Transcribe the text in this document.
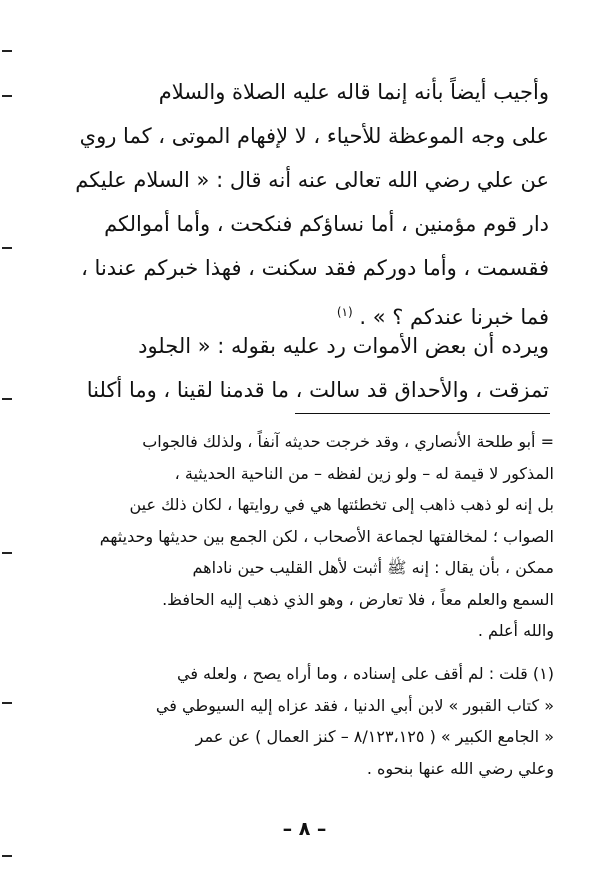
وأجيب أيضاً بأنه إنما قاله عليه الصلاة والسلام
على وجه الموعظة للأحياء ، لا لإفهام الموتى ، كما روي
عن علي رضي الله تعالى عنه أنه قال : « السلام عليكم
دار قوم مؤمنين ، أما نساؤكم فنكحت ، وأما أموالكم
فقسمت ، وأما دوركم فقد سكنت ، فهذا خبركم عندنا ،
فما خبرنا عندكم ؟ » . $^{(١)}$
ويرده أن بعض الأموات رد عليه بقوله : « الجلود
تمزقت ، والأحداق قد سالت ، ما قدمنا لقينا ، وما أكلنا
= أبو طلحة الأنصاري ، وقد خرجت حديثه آنفاً ، ولذلك فالجواب
المذكور لا قيمة له – ولو زين لفظه – من الناحية الحديثية ،
بل إنه لو ذهب ذاهب إلى تخطئتها هي في روايتها ، لكان ذلك عين
الصواب ؛ لمخالفتها لجماعة الأصحاب ، لكن الجمع بين حديثها وحديثهم
ممكن ، بأن يقال : إنه ﷺ أثبت لأهل القليب حين ناداهم
السمع والعلم معاً ، فلا تعارض ، وهو الذي ذهب إليه الحافظ.
والله أعلم .
(١) قلت : لم أقف على إسناده ، وما أراه يصح ، ولعله في
« كتاب القبور » لابن أبي الدنيا ، فقد عزاه إليه السيوطي في
« الجامع الكبير » ( ٨/١٢٣،١٢٥ – كنز العمال ) عن عمر
وعلي رضي الله عنها بنحوه .
– ٨ –
